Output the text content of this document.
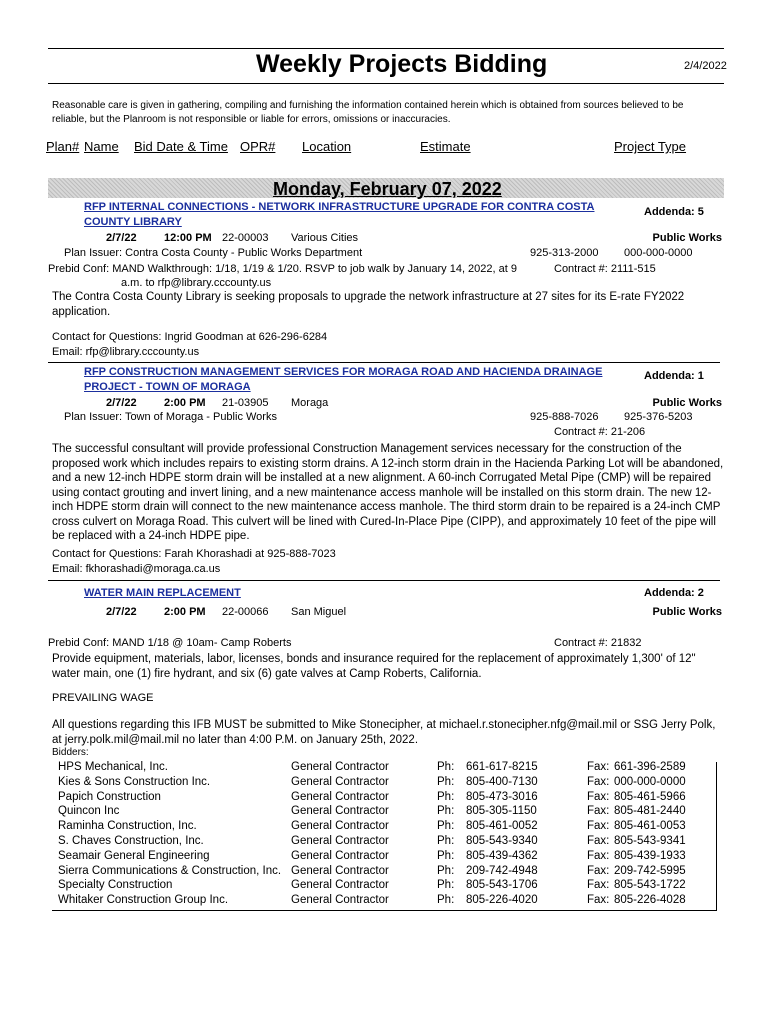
Weekly Projects Bidding	2/4/2022
Reasonable care is given in gathering, compiling and furnishing the information contained herein which is obtained from sources believed to be reliable, but the Planroom is not responsible or liable for errors, omissions or inaccuracies.
Plan# Name Bid Date & Time OPR# Location	Estimate	Project Type
Monday, February 07, 2022
RFP INTERNAL CONNECTIONS - NETWORK INFRASTRUCTURE UPGRADE FOR CONTRA COSTA
COUNTY LIBRARY
Addenda: 5
2/7/22 12:00 PM 22-00003 Various Cities	Public Works
Plan Issuer: Contra Costa County - Public Works Department	925-313-2000 000-000-0000
Prebid Conf: MAND Walkthrough: 1/18, 1/19 & 1/20. RSVP to job walk by January 14, 2022, at 9	Contract #: 2111-515
a.m. to rfp@library.cccounty.us
The Contra Costa County Library is seeking proposals to upgrade the network infrastructure at 27 sites for its E-rate FY2022 application.
Contact for Questions: Ingrid Goodman at 626-296-6284
Email: rfp@library.cccounty.us
RFP CONSTRUCTION MANAGEMENT SERVICES FOR MORAGA ROAD AND HACIENDA DRAINAGE
PROJECT - TOWN OF MORAGA
Addenda: 1
2/7/22 2:00 PM 21-03905 Moraga	Public Works
Plan Issuer: Town of Moraga - Public Works	925-888-7026 925-376-5203
Contract #: 21-206
The successful consultant will provide professional Construction Management services necessary for the construction of the proposed work which includes repairs to existing storm drains. A 12-inch storm drain in the Hacienda Parking Lot will be abandoned, and a new 12-inch HDPE storm drain will be installed at a new alignment. A 60-inch Corrugated Metal Pipe (CMP) will be repaired using contact grouting and invert lining, and a new maintenance access manhole will be installed on this storm drain. The new 12-inch HDPE storm drain will connect to the new maintenance access manhole. The third storm drain to be repaired is a 24-inch CMP cross culvert on Moraga Road. This culvert will be lined with Cured-In-Place Pipe (CIPP), and approximately 10 feet of the pipe will be replaced with a 24-inch HDPE pipe.
Contact for Questions: Farah Khorashadi at 925-888-7023
Email: fkhorashadi@moraga.ca.us
WATER MAIN REPLACEMENT	Addenda: 2
2/7/22 2:00 PM 22-00066 San Miguel	Public Works
Prebid Conf: MAND 1/18 @ 10am- Camp Roberts	Contract #: 21832
Provide equipment, materials, labor, licenses, bonds and insurance required for the replacement of approximately 1,300' of 12" water main, one (1) fire hydrant, and six (6) gate valves at Camp Roberts, California.
PREVAILING WAGE
All questions regarding this IFB MUST be submitted to Mike Stonecipher, at michael.r.stonecipher.nfg@mail.mil or SSG Jerry Polk, at jerry.polk.mil@mail.mil no later than 4:00 P.M. on January 25th, 2022.
Bidders:
HPS Mechanical, Inc.	General Contractor	Ph: 661-617-8215	Fax: 661-396-2589
Kies & Sons Construction Inc.	General Contractor	Ph: 805-400-7130	Fax: 000-000-0000
Papich Construction	General Contractor	Ph: 805-473-3016	Fax: 805-461-5966
Quincon Inc	General Contractor	Ph: 805-305-1150	Fax: 805-481-2440
Raminha Construction, Inc.	General Contractor	Ph: 805-461-0052	Fax: 805-461-0053
S. Chaves Construction, Inc.	General Contractor	Ph: 805-543-9340	Fax: 805-543-9341
Seamair General Engineering	General Contractor	Ph: 805-439-4362	Fax: 805-439-1933
Sierra Communications & Construction, Inc. General Contractor	Ph: 209-742-4948	Fax: 209-742-5995
Specialty Construction	General Contractor	Ph: 805-543-1706	Fax: 805-543-1722
Whitaker Construction Group Inc.	General Contractor	Ph: 805-226-4020	Fax: 805-226-4028
